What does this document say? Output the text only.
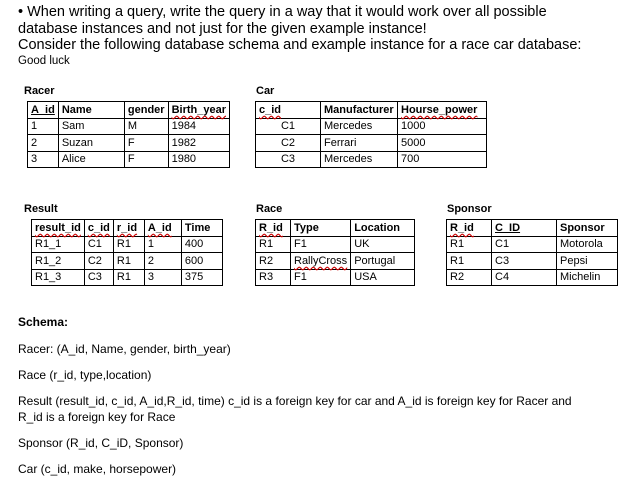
• When writing a query, write the query in a way that it would work over all possible
database instances and not just for the given example instance!
Consider the following database schema and example instance for a race car database:
Good luck
Racer
A_id	Name	gender	Birth_year
1	Sam	M	1984
2	Suzan	F	1982
3	Alice	F	1980
Car
c_id	Manufacturer	Hourse_power
C1	Mercedes	1000
C2	Ferrari	5000
C3	Mercedes	700
Result
result_id	c_id	r_id	A_id	Time
R1_1	C1	R1	1	400
R1_2	C2	R1	2	600
R1_3	C3	R1	3	375
Race
R_id	Type	Location
R1	F1	UK
R2	RallyCross	Portugal
R3	F1	USA
Sponsor
R_id	C_ID	Sponsor
R1	C1	Motorola
R1	C3	Pepsi
R2	C4	Michelin
Schema:
Racer: (A_id, Name, gender, birth_year)
Race (r_id, type,location)
Result (result_id, c_id, A_id,R_id, time) c_id is a foreign key for car and A_id is foreign key for Racer and
R_id is a foreign key for Race
Sponsor (R_id, C_iD, Sponsor)
Car (c_id, make, horsepower)
